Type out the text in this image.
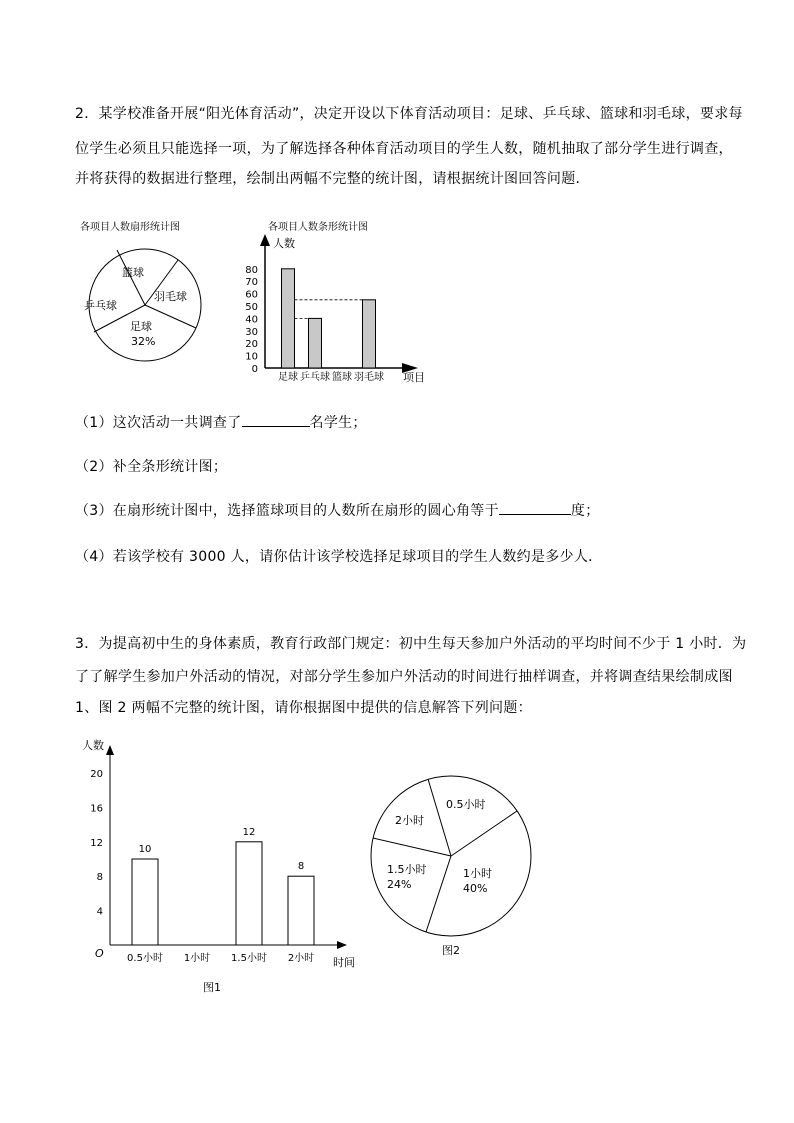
2．某学校准备开展“阳光体育活动”，决定开设以下体育活动项目：足球、乒乓球、篮球和羽毛球，要求每
位学生必须且只能选择一项，为了解选择各种体育活动项目的学生人数，随机抽取了部分学生进行调查，
并将获得的数据进行整理，绘制出两幅不完整的统计图，请根据统计图回答问题．
各项目人数扇形统计图	各项目人数条形统计图
篮球
羽毛球
乒乓球
足球
32%
人数
项目
0
10
20
30
40
50
60
70
80
足球 乒乓球 篮球 羽毛球
（1）这次活动一共调查了	名学生；
（2）补全条形统计图；
（3）在扇形统计图中，选择篮球项目的人数所在扇形的圆心角等于	度；
（4）若该学校有 3000 人，请你估计该学校选择足球项目的学生人数约是多少人．
3．为提高初中生的身体素质，教育行政部门规定：初中生每天参加户外活动的平均时间不少于 1 小时．为
了了解学生参加户外活动的情况，对部分学生参加户外活动的时间进行抽样调查，并将调查结果绘制成图
1、图 2 两幅不完整的统计图，请你根据图中提供的信息解答下列问题：
人数
时间
O
4
8
12
16
20
10
12
8
0.5小时 1小时 1.5小时 2小时
图1
0.5小时
2小时
1小时
40%
1.5小时
24%
图2
